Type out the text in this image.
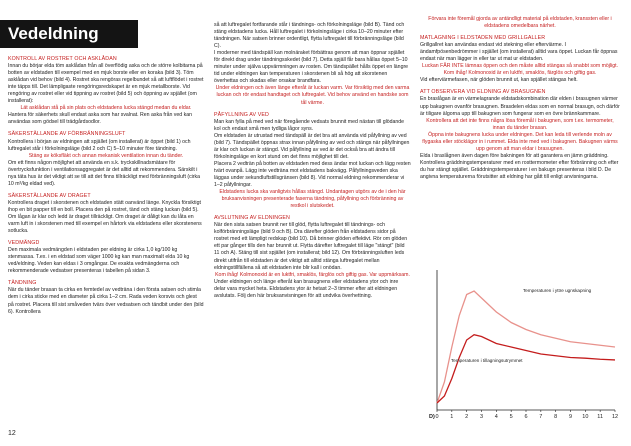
Vedeldning
KONTROLL AV ROSTRET OCH ASKLÅDAN

Innan du börjar elda töm asklådan från all överflödig aska och de större kolbitarna på botten av eldstaden till exempel med en mjuk borste eller en koraka (bild 3). Töm asklådan vid behov (bild 4). Rostret ska rengöras regelbundet så att luftflödet i rostret inte täpps till. Det lämpligaste rengöringsredskapet är en mjuk metallborste. Vid rengöring av rostret eller vid tippning av rostret (bild 5) och öppning av spjället (om installerat):

Lät asklådan stå på sin plats och eldstadens lucka stängd medan du eldar.

Hantera för säkerhets skull endast aska som har svalnat. Ren aska från ved kan användas som gödsel till trädgårdsodlor.

SÄKERSTÄLLANDE AV FÖRBRÄNNINGSLUFT

Kontrollera i början av eldningen att spjället (om installerat) är öppet (bild 1) och luftregalet står i förkolningsläge (bild 2 och C) 5–10 minuter före tändning.

Stäng av köksfläkt och annan mekanisk ventilation innan du tänder.

Om ett finns någon möjlighet att använda en s.k. tryckskillnadsmätare för övertrycksfunktion i ventilationsaggregatet är det alltid att rekommendera. Särskilt i nya täta hus är det viktigt att se till att det finns tillräckligt med förbränningsluft (cirka 10 m³/kg eldad ved).

SÄKERSTÄLLANDE AV DRAGET

Kontrollera draget i skorstenen och eldstaden stätt oanvänd länge. Knyckla försiktigt ihop en bit papper till en boll. Placera den på rostret, tänd och stäng luckan (bild 5). Om lågan är klar och ledd är draget tillräckligt. Om draget är dåligt kan du låta en varm luft in i skorstenen med till exempel en hårtork via eldstadens eller skorstenens sotlucka.

VEDMÄNGD

Den maximala vedmängden i eldstaden per eldning är cirka 1,0 kg/100 kg stenmassa. T.ex. i en eldstad som väger 1000 kg kan man maximalt elda 10 kg ved/eldning. Veden kan eldas i 3 omgångar. De exakta vedmängderna och rekommenderade vedsatser presenteras i tabellen på sidan 3.

TÄNDNING

När du tänder brasan ta cirka en femtedel av vedträna i den första satsen och stimla dem i cirka sticke med en diameter på cirka 1–2 cm. Rada veden korsvis och glest på rostret. Placera till sist småveden tvärs över vedsatsen och tändbit under den (bild 6). Kontrollera

så att luftregalet fortfarande står i tändnings- och förkolningsläge (bild B). Tänd och stäng eldstadens lucka. Håll luftregalet i förkolningsläge i cirka 10–20 minuter efter tändningen. När satsen brinner ordentligt, flytta luftregalet till förbränningsläge (bild C).

I moderner med tändspäll kan molnäraket förbättras genom att man öppnar spjället för direkt drag under tändningsskedet (bild 7). Detta spjäll får bara hållas öppet 5–10 minuter under själva uppvärmningen av rosten. Om tändspället hålls öppet en längre tid under eldningen kan temperaturen i skorstenen bli så hög att skorstenen överhettas och skadas eller orsakar brandfara.

Under eldningen och även länge efteråt är luckan varm. Var försiktig med den varma luckan och rör endast handtaget och luftregalet. Vid behov använd en handske som tål värme.

PÅFYLLNING AV VED

Man kan fylla på med ved när föregående vedsats brunnit med nästan till glödande kol och endast små men tydliga lågor syns.

Om eldstaden är utrustad med tändspäll är det bra att använda vid påfyllning av ved (bild 7). Tändspället öppnas strax innan påfyllning av ved och stängs när påfyllningen är klar och luckan är stängd. Vid påfyllning av ved är det också bra att ändra till förkolningsläge en kort stund om det finns möjlighet till det.

Placera 2 vedträn på botten av eldstaden med dess ändar mot luckan och lägg resten tvärt ovanpå. Lägg inte vedträna mot eldstadens bakvägg. Påfyllningsveden ska läggas under sekundluftstillsgränsen (bild 8). Vid normal eldning rekommenderar vi 1–2 påfyllningar.

Eldstadens lucka ska vanligtvis hållas stängd. Undantagen utgörs av de i den här bruksanvisningen presenterade faserna tändning, påfyllning och förbränning av restkol i slutskedet.

AVSLUTNING AV ELDNINGEN

När den sista satsen brunnit ner till glöd, flytta luftregalet till tändnings- och kolförbränningsläge (bild 9 och B). Dra därefter glöden från eldstadens sidor på rostret med ett lämpligt redskap (bild 10). Då brinner glöden effektivt. Rör om glöden ett par gånger tills den har brunnit ut. Flytta därefter luftregalet till läge "stängt" (bild 11 och A). Stäng till sist spjället (om installerat; bild 12). Om förbränningsluften leds direkt utifrån till eldstaden är det viktigt att alltid stänga luftregalet mellan eldningstillfällena så att eldstaden inte blir kall i onödan.

Kom ihåg! Kolmonoxid är en luktfri, smaklös, färglös och giftig gas. Var uppmärksam.

Under eldningen och länge efteråt kan brasugnens eller eldstadens ytor och inre delar vara mycket heta. Eldstadens ytor är hetast 2–3 timmer efter att eldningen avslutats. Följ den här bruksanvisningen för att undvika överhettning.

Förvara inte föremål gjorda av antändligt material på eldstaden, kranssten eller i eldstadens omedelbara närhet.

MATLAGNING I ELDSTADEN MED GRILLGALLER

Grillgallret kan användas endast vid stekning eller efterviärme. I ändamfpösenbedrömmer i spjället (om installerat) alltid vara öppet. Luckan får öppnas endast när man lägger in eller tar ut mat ur eldstaden.

Luckan FÅR INTE lämnas öppen och den måste alltid stängas så snabbt som möjligt. Kom ihåg! Kolmonoxid är en luktfri, smaklös, färglös och giftig gas.

Vid efterviärmefasen, när glöden brunnit ut, kan spjället stängas helt.

ATT OBSERVERA VID ELDNING AV BRASUGNEN

En braslågan är en värmelagrande eldstadskombination där elden i brasugnen värmer upp bakugnen ovanför brasugnen. Brasdelen eldas som en normal brasugn, och därför är tiligare älgorna upp till bakugnen som fungerar som en övre brännkammare.

Kontrollera att det inte finns några lösa föremål i bakugnen, som t.ex. termometer, innan du tänder brasan.

Öppna inte bakugnens lucka under eldningen. Det kan leda till verlende moln av flygaska eller stöcklägor in i rummet. Elda inte med ved i bakugnen. Bakugnen värms upp genom att man eldar i brasugnen.

Elda i braslågnen även dagen före bakningen för att garantera en jämn gräddning. Kontrollera gräddningstemperaturer med en rosttermometer efter förbränning och efter du har stängt spjället. Gräddningstemperaturer i en bakugn presenteras i bild D. De angivna temperaturerna förutsitter att eldning har gått till enligt anvisningarna.

0 1 2 3 4 5 6 7 8 9 10 11 12
D)
Temperaturen i yttre ugnskapning
Temperaturen i tillagningsutrymmet
12
